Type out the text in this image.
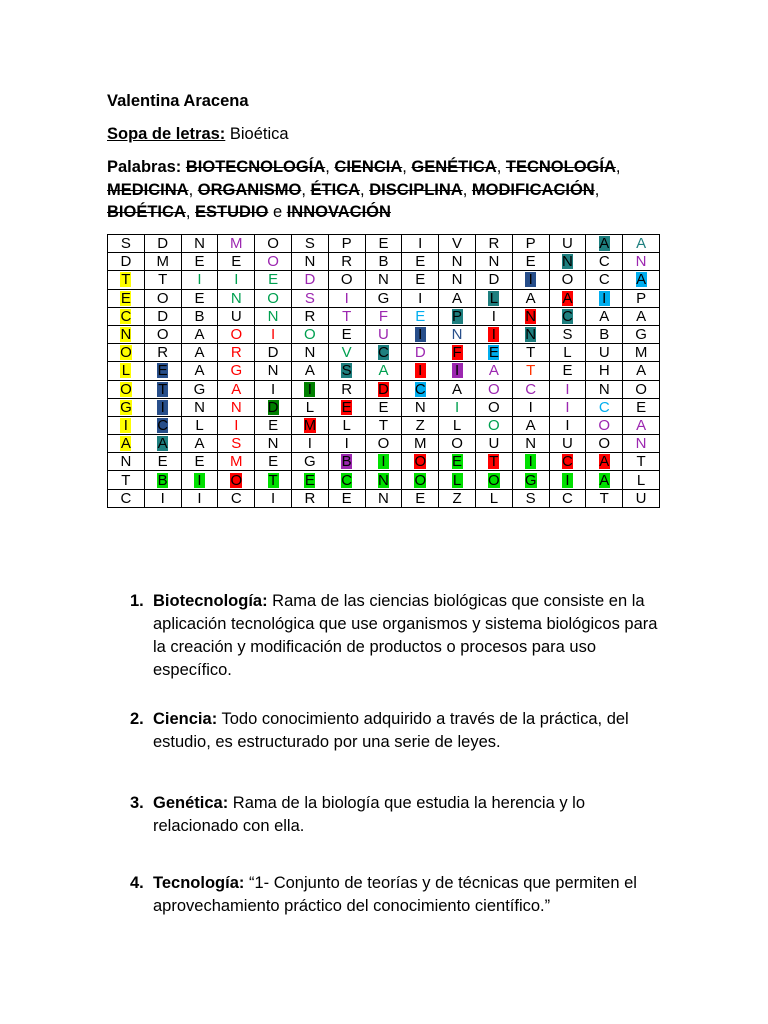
Valentina Aracena
Sopa de letras: Bioética
Palabras: BIOTECNOLOGÍA, CIENCIA, GENÉTICA, TECNOLOGÍA, MEDICINA, ORGANISMO, ÉTICA, DISCIPLINA, MODIFICACIÓN, BIOÉTICA, ESTUDIO e INNOVACIÓN
S	D	N	M	O	S	P	E	I	V	R	P	U	A	A
D	M	E	E	O	N	R	B	E	N	N	E	N	C	N
T	T	I	I	E	D	O	N	E	N	D	I	O	C	A
E	O	E	N	O	S	I	G	I	A	L	A	A	I	P
C	D	B	U	N	R	T	F	E	P	I	N	C	A	A
N	O	A	O	I	O	E	U	I	N	I	N	S	B	G
O	R	A	R	D	N	V	C	D	F	E	T	L	U	M
L	E	A	G	N	A	S	A	I	I	A	T	E	H	A
O	T	G	A	I	I	R	D	C	A	O	C	I	N	O
G	I	N	N	D	L	E	E	N	I	O	I	I	C	E
I	C	L	I	E	M	L	T	Z	L	O	A	I	O	A
A	A	A	S	N	I	I	O	M	O	U	N	U	O	N
N	E	E	M	E	G	B	I	O	E	T	I	C	A	T
T	B	I	O	T	E	C	N	O	L	O	G	I	A	L
C	I	I	C	I	R	E	N	E	Z	L	S	C	T	U
1. Biotecnología: Rama de las ciencias biológicas que consiste en la aplicación tecnológica que use organismos y sistema biológicos para la creación y modificación de productos o procesos para uso específico.
2. Ciencia: Todo conocimiento adquirido a través de la práctica, del estudio, es estructurado por una serie de leyes.
3. Genética: Rama de la biología que estudia la herencia y lo relacionado con ella.
4. Tecnología: “1- Conjunto de teorías y de técnicas que permiten el aprovechamiento práctico del conocimiento científico.”
